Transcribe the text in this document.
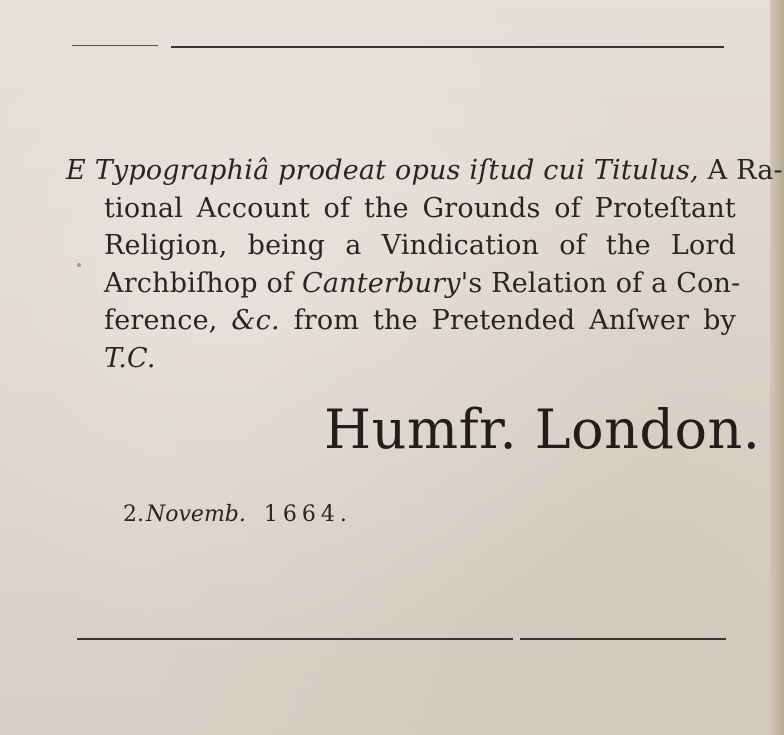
E Typographiâ prodeat opus iſtud cui Titulus, A Ra-
tional Account of the Grounds of Proteſtant
Religion, being a Vindication of the Lord
Archbiſhop of Canterbury's Relation of a Con-
ference, &c. from the Pretended Anſwer by
T.C.
Humfr. London.
2.Novemb. 1664.
